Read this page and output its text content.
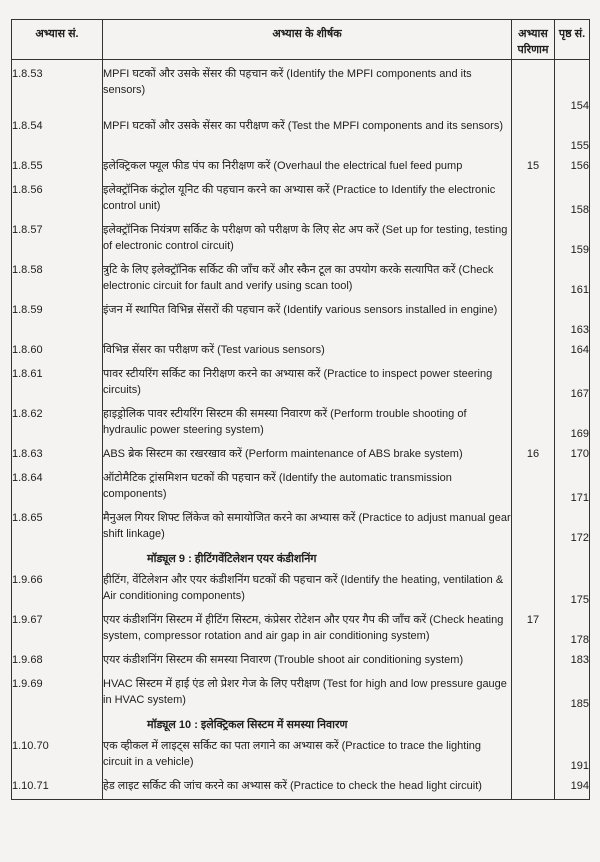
अभ्यास सं.	अभ्यास के शीर्षक	अभ्यास परिणाम	पृष्ठ सं.
1.8.53	MPFI घटकों और उसके सेंसर की पहचान करें (Identify the MPFI components and its sensors)		154
1.8.54	MPFI घटकों और उसके सेंसर का परीक्षण करें (Test the MPFI components and its sensors)		155
1.8.55	इलेक्ट्रिकल फ्यूल फीड पंप का निरीक्षण करें (Overhaul the electrical fuel feed pump	15	156
1.8.56	इलेक्ट्रॉनिक कंट्रोल यूनिट की पहचान करने का अभ्यास करें (Practice to Identify the electronic control unit)		158
1.8.57	इलेक्ट्रॉनिक नियंत्रण सर्किट के परीक्षण को परीक्षण के लिए सेट अप करें (Set up for testing, testing of electronic control circuit)		159
1.8.58	त्रुटि के लिए इलेक्ट्रॉनिक सर्किट की जाँच करें और स्कैन टूल का उपयोग करके सत्यापित करें (Check electronic circuit for fault and verify using scan tool)		161
1.8.59	इंजन में स्थापित विभिन्न सेंसरों की पहचान करें (Identify various sensors installed in engine)		163
1.8.60	विभिन्न सेंसर का परीक्षण करें (Test various sensors)		164
1.8.61	पावर स्टीयरिंग सर्किट का निरीक्षण करने का अभ्यास करें (Practice to inspect power steering circuits)		167
1.8.62	हाइड्रोलिक पावर स्टीयरिंग सिस्टम की समस्या निवारण करें (Perform trouble shooting of hydraulic power steering system)		169
1.8.63	ABS ब्रेक सिस्टम का रखरखाव करें (Perform maintenance of ABS brake system)	16	170
1.8.64	ऑटोमैटिक ट्रांसमिशन घटकों की पहचान करें (Identify the automatic transmission components)		171
1.8.65	मैनुअल गियर शिफ्ट लिंकेज को समायोजित करने का अभ्यास करें (Practice to adjust manual gear shift linkage)		172

	मॉड्यूल 9 : हीटिंगवेंटिलेशन एयर कंडीशनिंग		

1.9.66	हीटिंग, वेंटिलेशन और एयर कंडीशनिंग घटकों की पहचान करें (Identify the heating, ventilation & Air conditioning components)		175
1.9.67	एयर कंडीशनिंग सिस्टम में हीटिंग सिस्टम, कंप्रेसर रोटेशन और एयर गैप की जाँच करें (Check heating system, compressor rotation and air gap in air conditioning system)	17	178
1.9.68	एयर कंडीशनिंग सिस्टम की समस्या निवारण (Trouble shoot air conditioning system)		183
1.9.69	HVAC सिस्टम में हाई एंड लो प्रेशर गेज के लिए परीक्षण (Test for high and low pressure gauge in HVAC system)		185

	मॉड्यूल 10 : इलेक्ट्रिकल सिस्टम में समस्या निवारण		

1.10.70	एक व्हीकल में लाइट्स सर्किट का पता लगाने का अभ्यास करें (Practice to trace the lighting circuit in a vehicle)		191
1.10.71	हेड लाइट सर्किट की जांच करने का अभ्यास करें (Practice to check the head light circuit)		194
